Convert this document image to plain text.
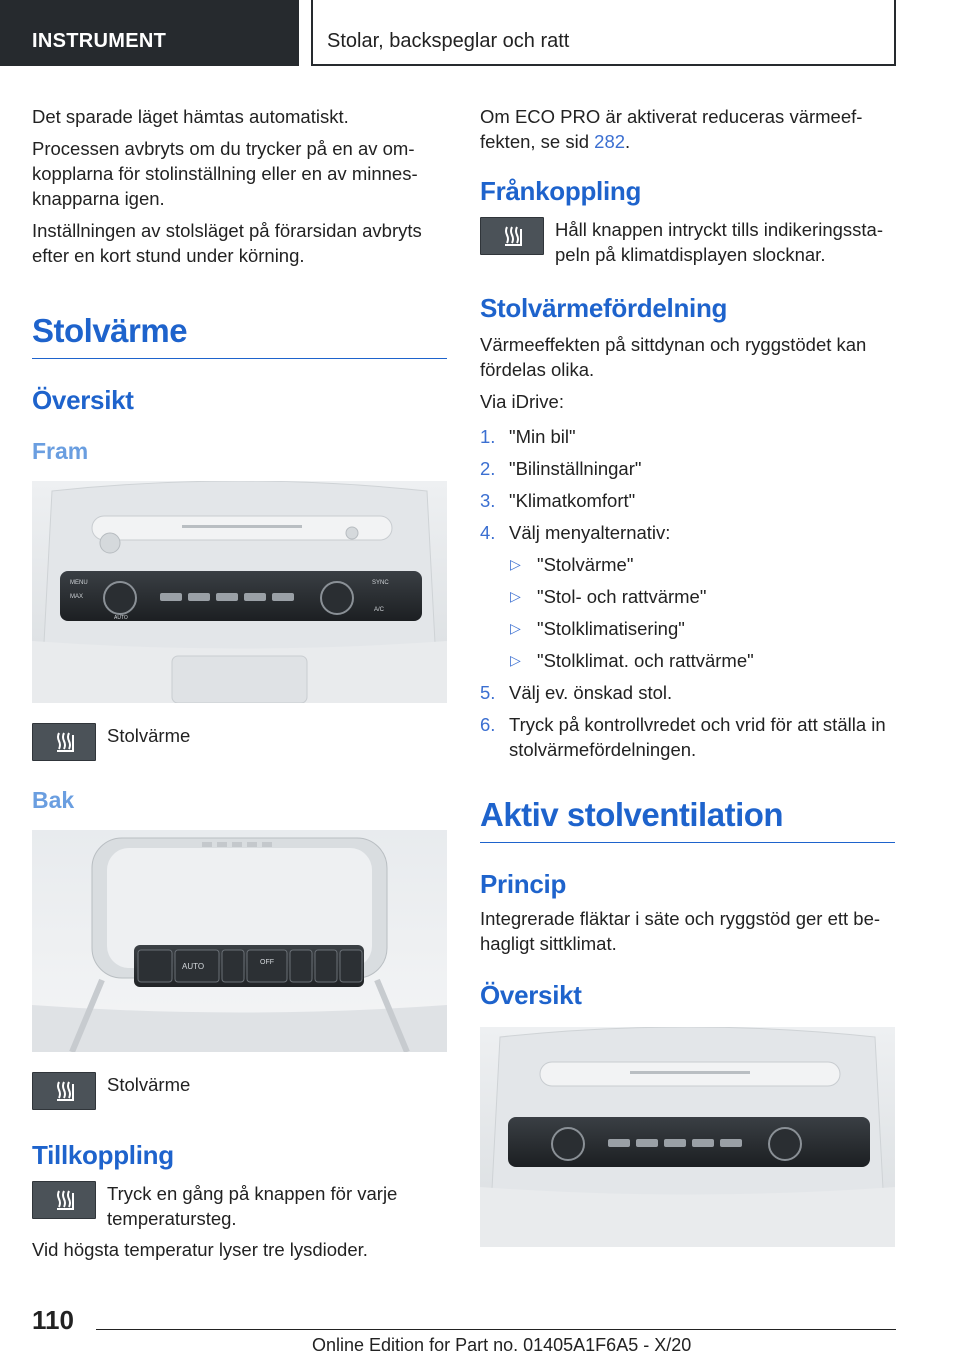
INSTRUMENT	Stolar, backspeglar och ratt

Det sparade läget hämtas automatiskt.

Processen avbryts om du trycker på en av om-kopplarna för stolinställning eller en av minnes-knapparna igen.

Inställningen av stolsläget på förarsidan avbryts efter en kort stund under körning.

Stolvärme
Översikt
Fram
MENU
MAX
AUTO
SYNC
A/C
Stolvärme
Bak
AUTO	OFF
Stolvärme
Tillkoppling
Tryck en gång på knappen för varje temperatursteg.

Vid högsta temperatur lyser tre lysdioder.

Om ECO PRO är aktiverat reduceras värmeef-fekten, se sid 282.

Frånkoppling
Håll knappen intryckt tills indikeringssta-peln på klimatdisplayen slocknar.
Stolvärmefördelning

Värmeeffekten på sittdynan och ryggstödet kan fördelas olika.

Via iDrive:

1. "Min bil"
2. "Bilinställningar"
3. "Klimatkomfort"
4. Välj menyalternativ:
▷ "Stolvärme"
▷ "Stol- och rattvärme"
▷ "Stolklimatisering"
▷ "Stolklimat. och rattvärme"
5. Välj ev. önskad stol.
6. Tryck på kontrollvredet och vrid för att ställa in stolvärmefördelningen.
Aktiv stolventilation
Princip

Integrerade fläktar i säte och ryggstöd ger ett be-hagligt sittklimat.

Översikt
110
Online Edition for Part no. 01405A1F6A5 - X/20
